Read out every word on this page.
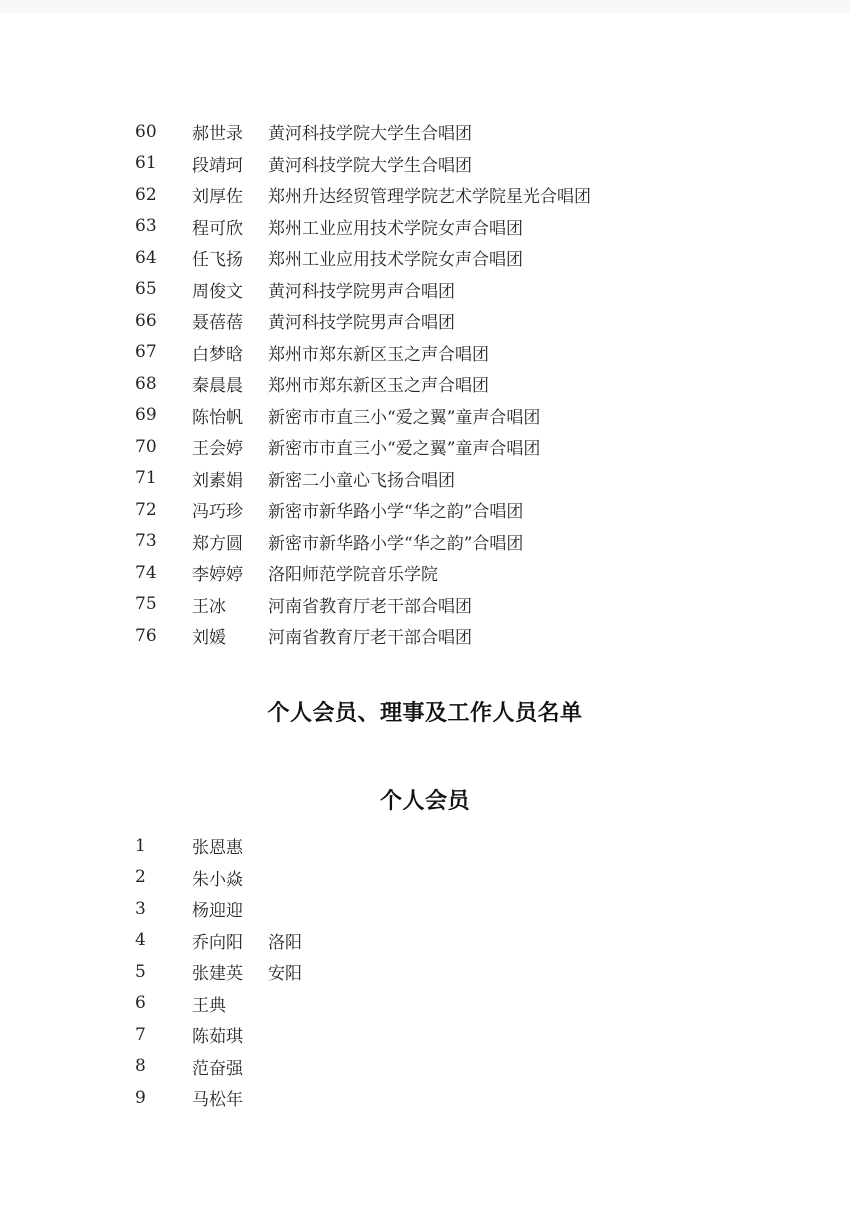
60	郝世录	黄河科技学院大学生合唱团
61	段靖珂	黄河科技学院大学生合唱团
62	刘厚佐	郑州升达经贸管理学院艺术学院星光合唱团
63	程可欣	郑州工业应用技术学院女声合唱团
64	任飞扬	郑州工业应用技术学院女声合唱团
65	周俊文	黄河科技学院男声合唱团
66	聂蓓蓓	黄河科技学院男声合唱团
67	白梦晗	郑州市郑东新区玉之声合唱团
68	秦晨晨	郑州市郑东新区玉之声合唱团
69	陈怡帆	新密市市直三小“爱之翼”童声合唱团
70	王会婷	新密市市直三小“爱之翼”童声合唱团
71	刘素娟	新密二小童心飞扬合唱团
72	冯巧珍	新密市新华路小学“华之韵”合唱团
73	郑方圆	新密市新华路小学“华之韵”合唱团
74	李婷婷	洛阳师范学院音乐学院
75	王冰	河南省教育厅老干部合唱团
76	刘媛	河南省教育厅老干部合唱团
个人会员、理事及工作人员名单
个人会员
1	张恩惠
2	朱小焱
3	杨迎迎
4	乔向阳	洛阳
5	张建英	安阳
6	王典
7	陈茹琪
8	范奋强
9	马松年
